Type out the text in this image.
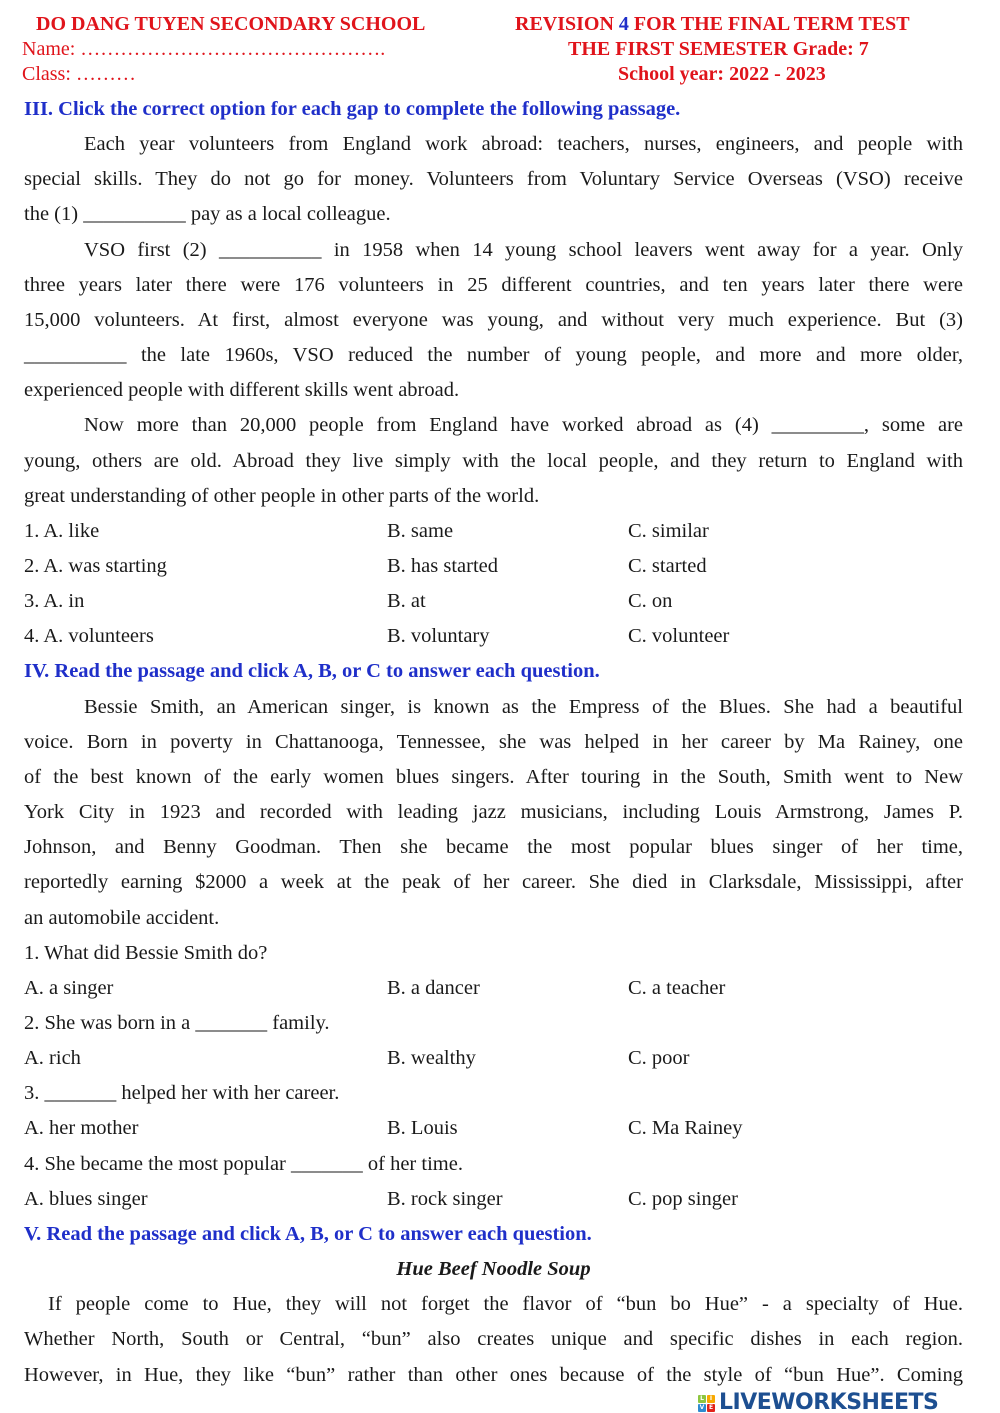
DO DANG TUYEN SECONDARY SCHOOL	REVISION 4 FOR THE FINAL TERM TEST
Name: ……………………………………….	THE FIRST SEMESTER Grade: 7
Class: ………	School year: 2022 - 2023
III. Click the correct option for each gap to complete the following passage.
Each year volunteers from England work abroad: teachers, nurses, engineers, and people with
special skills. They do not go for money. Volunteers from Voluntary Service Overseas (VSO) receive
the (1) __________ pay as a local colleague.
VSO first (2) __________ in 1958 when 14 young school leavers went away for a year. Only
three years later there were 176 volunteers in 25 different countries, and ten years later there were
15,000 volunteers. At first, almost everyone was young, and without very much experience. But (3)
__________ the late 1960s, VSO reduced the number of young people, and more and more older,
experienced people with different skills went abroad.
Now more than 20,000 people from England have worked abroad as (4) _________, some are
young, others are old. Abroad they live simply with the local people, and they return to England with
great understanding of other people in other parts of the world.
1. A. like	B. same	C. similar
2. A. was starting	B. has started	C. started
3. A. in	B. at	C. on
4. A. volunteers	B. voluntary	C. volunteer
IV. Read the passage and click A, B, or C to answer each question.
Bessie Smith, an American singer, is known as the Empress of the Blues. She had a beautiful
voice. Born in poverty in Chattanooga, Tennessee, she was helped in her career by Ma Rainey, one
of the best known of the early women blues singers. After touring in the South, Smith went to New
York City in 1923 and recorded with leading jazz musicians, including Louis Armstrong, James P.
Johnson, and Benny Goodman. Then she became the most popular blues singer of her time,
reportedly earning $2000 a week at the peak of her career. She died in Clarksdale, Mississippi, after
an automobile accident.
1. What did Bessie Smith do?
A. a singer	B. a dancer	C. a teacher
2. She was born in a _______ family.
A. rich	B. wealthy	C. poor
3. _______ helped her with her career.
A. her mother	B. Louis	C. Ma Rainey
4. She became the most popular _______ of her time.
A. blues singer	B. rock singer	C. pop singer
V. Read the passage and click A, B, or C to answer each question.
Hue Beef Noodle Soup
If people come to Hue, they will not forget the flavor of “bun bo Hue” - a specialty of Hue.
Whether North, South or Central, “bun” also creates unique and specific dishes in each region.
However, in Hue, they like “bun” rather than other ones because of the style of “bun Hue”. Coming
L I
V E LIVEWORKSHEETS
